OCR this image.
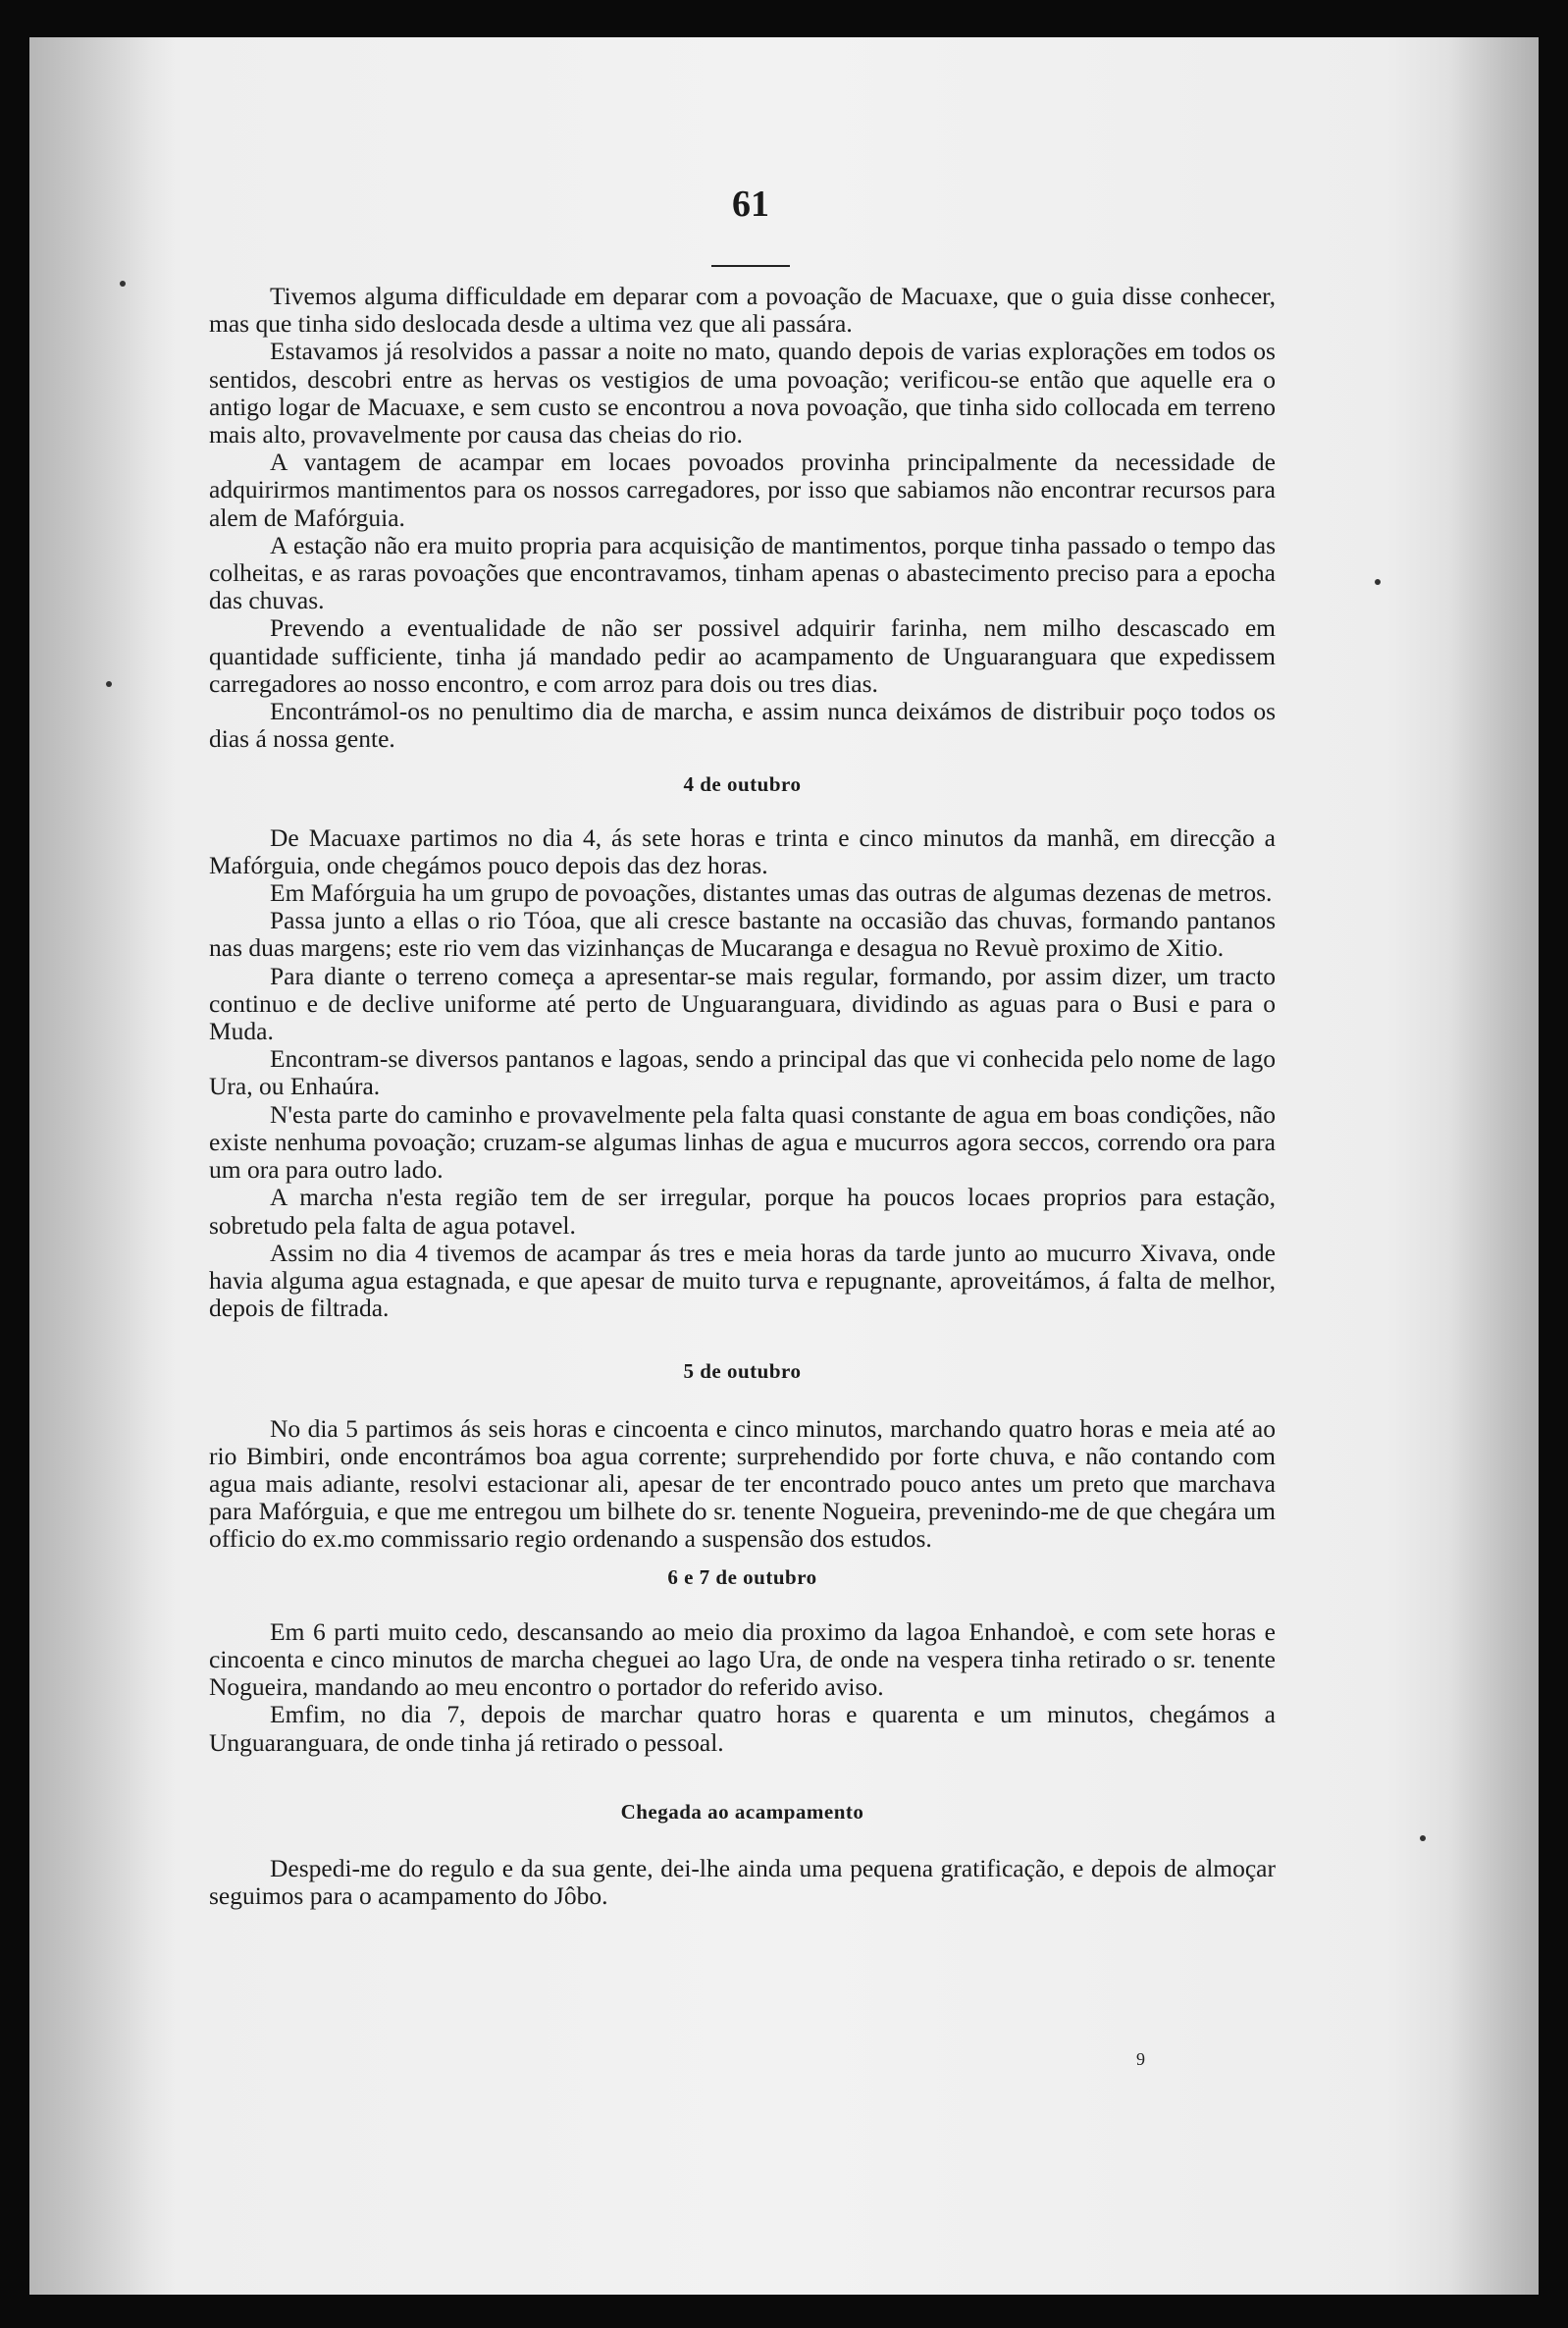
61

Tivemos alguma difficuldade em deparar com a povoação de Macuaxe, que o guia disse conhecer, mas que tinha sido deslocada desde a ultima vez que ali passára.

Estavamos já resolvidos a passar a noite no mato, quando depois de varias explorações em todos os sentidos, descobri entre as hervas os vestigios de uma povoação; verificou-se então que aquelle era o antigo logar de Macuaxe, e sem custo se encontrou a nova povoação, que tinha sido collocada em terreno mais alto, provavelmente por causa das cheias do rio.

A vantagem de acampar em locaes povoados provinha principalmente da necessidade de adquirirmos mantimentos para os nossos carregadores, por isso que sabiamos não encontrar recursos para alem de Mafórguia.

A estação não era muito propria para acquisição de mantimentos, porque tinha passado o tempo das colheitas, e as raras povoações que encontravamos, tinham apenas o abastecimento preciso para a epocha das chuvas.

Prevendo a eventualidade de não ser possivel adquirir farinha, nem milho descascado em quantidade sufficiente, tinha já mandado pedir ao acampamento de Unguaranguara que expedissem carregadores ao nosso encontro, e com arroz para dois ou tres dias.

Encontrámol-os no penultimo dia de marcha, e assim nunca deixámos de distribuir poço todos os dias á nossa gente.

4 de outubro

De Macuaxe partimos no dia 4, ás sete horas e trinta e cinco minutos da manhã, em direcção a Mafórguia, onde chegámos pouco depois das dez horas.

Em Mafórguia ha um grupo de povoações, distantes umas das outras de algumas dezenas de metros.

Passa junto a ellas o rio Tóoa, que ali cresce bastante na occasião das chuvas, formando pantanos nas duas margens; este rio vem das vizinhanças de Mucaranga e desagua no Revuè proximo de Xitio.

Para diante o terreno começa a apresentar-se mais regular, formando, por assim dizer, um tracto continuo e de declive uniforme até perto de Unguaranguara, dividindo as aguas para o Busi e para o Muda.

Encontram-se diversos pantanos e lagoas, sendo a principal das que vi conhecida pelo nome de lago Ura, ou Enhaúra.

N'esta parte do caminho e provavelmente pela falta quasi constante de agua em boas condições, não existe nenhuma povoação; cruzam-se algumas linhas de agua e mucurros agora seccos, correndo ora para um ora para outro lado.

A marcha n'esta região tem de ser irregular, porque ha poucos locaes proprios para estação, sobretudo pela falta de agua potavel.

Assim no dia 4 tivemos de acampar ás tres e meia horas da tarde junto ao mucurro Xivava, onde havia alguma agua estagnada, e que apesar de muito turva e repugnante, aproveitámos, á falta de melhor, depois de filtrada.

5 de outubro

No dia 5 partimos ás seis horas e cincoenta e cinco minutos, marchando quatro horas e meia até ao rio Bimbiri, onde encontrámos boa agua corrente; surprehendido por forte chuva, e não contando com agua mais adiante, resolvi estacionar ali, apesar de ter encontrado pouco antes um preto que marchava para Mafórguia, e que me entregou um bilhete do sr. tenente Nogueira, prevenindo-me de que chegára um officio do ex.mo commissario regio ordenando a suspensão dos estudos.

6 e 7 de outubro

Em 6 parti muito cedo, descansando ao meio dia proximo da lagoa Enhandoè, e com sete horas e cincoenta e cinco minutos de marcha cheguei ao lago Ura, de onde na vespera tinha retirado o sr. tenente Nogueira, mandando ao meu encontro o portador do referido aviso.

Emfim, no dia 7, depois de marchar quatro horas e quarenta e um minutos, chegámos a Unguaranguara, de onde tinha já retirado o pessoal.

Chegada ao acampamento

Despedi-me do regulo e da sua gente, dei-lhe ainda uma pequena gratificação, e depois de almoçar seguimos para o acampamento do Jôbo.

9
